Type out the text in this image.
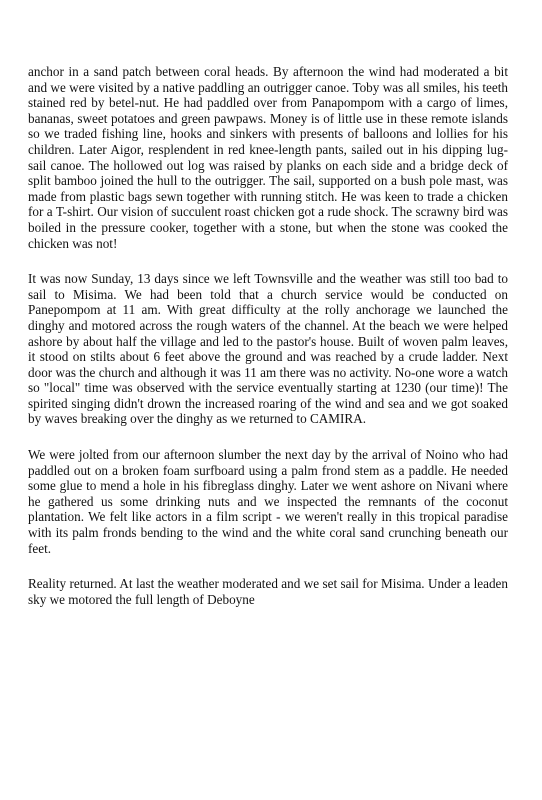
anchor in a sand patch between coral heads. By afternoon the wind had moderated a bit and we were visited by a native paddling an outrigger canoe. Toby was all smiles, his teeth stained red by betel-nut. He had paddled over from Panapompom with a cargo of limes, bananas, sweet potatoes and green pawpaws. Money is of little use in these remote islands so we traded fishing line, hooks and sinkers with presents of balloons and lollies for his children. Later Aigor, resplendent in red knee-length pants, sailed out in his dipping lug-sail canoe. The hollowed out log was raised by planks on each side and a bridge deck of split bamboo joined the hull to the outrigger. The sail, supported on a bush pole mast, was made from plastic bags sewn together with running stitch. He was keen to trade a chicken for a T-shirt. Our vision of succulent roast chicken got a rude shock. The scrawny bird was boiled in the pressure cooker, together with a stone, but when the stone was cooked the chicken was not!

It was now Sunday, 13 days since we left Townsville and the weather was still too bad to sail to Misima. We had been told that a church service would be conducted on Panepompom at 11 am. With great difficulty at the rolly anchorage we launched the dinghy and motored across the rough waters of the channel. At the beach we were helped ashore by about half the village and led to the pastor's house. Built of woven palm leaves, it stood on stilts about 6 feet above the ground and was reached by a crude ladder. Next door was the church and although it was 11 am there was no activity. No-one wore a watch so "local" time was observed with the service eventually starting at 1230 (our time)! The spirited singing didn't drown the increased roaring of the wind and sea and we got soaked by waves breaking over the dinghy as we returned to CAMIRA.

We were jolted from our afternoon slumber the next day by the arrival of Noino who had paddled out on a broken foam surfboard using a palm frond stem as a paddle. He needed some glue to mend a hole in his fibreglass dinghy. Later we went ashore on Nivani where he gathered us some drinking nuts and we inspected the remnants of the coconut plantation. We felt like actors in a film script - we weren't really in this tropical paradise with its palm fronds bending to the wind and the white coral sand crunching beneath our feet.

Reality returned. At last the weather moderated and we set sail for Misima. Under a leaden sky we motored the full length of Deboyne
